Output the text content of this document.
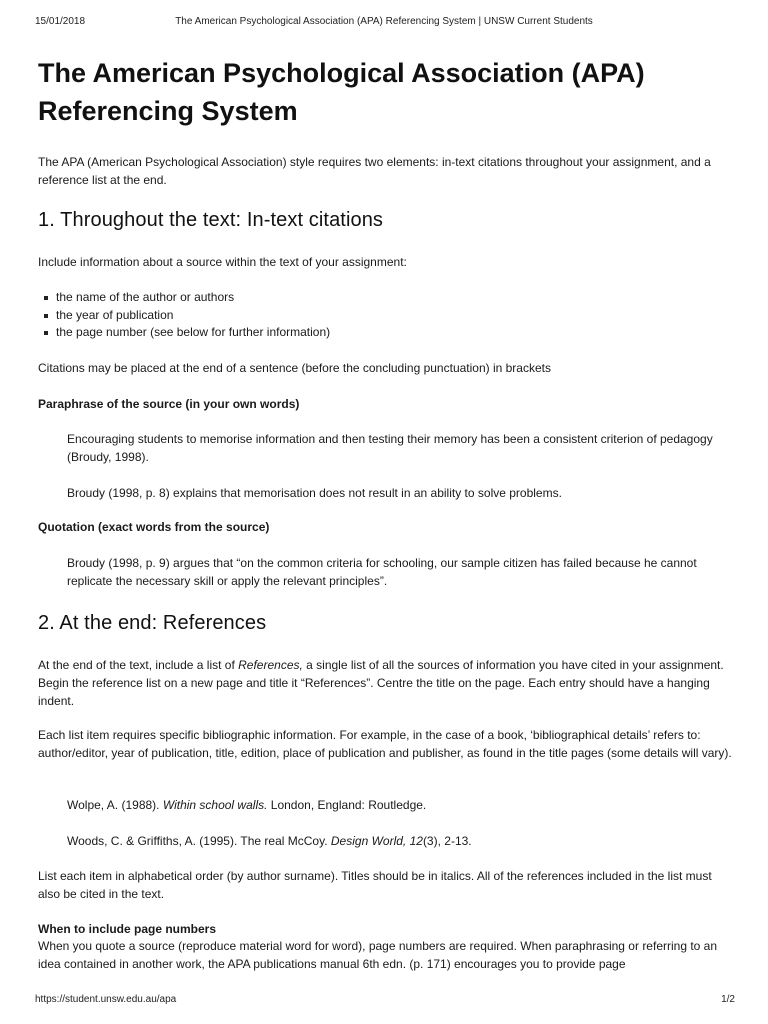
15/01/2018	The American Psychological Association (APA) Referencing System | UNSW Current Students
The American Psychological Association (APA)
Referencing System

The APA (American Psychological Association) style requires two elements: in-text citations throughout your assignment, and a reference list at the end.

1. Throughout the text: In-text citations

Include information about a source within the text of your assignment:

the name of the author or authors
the year of publication
the page number (see below for further information)

Citations may be placed at the end of a sentence (before the concluding punctuation) in brackets

Paraphrase of the source (in your own words)

Encouraging students to memorise information and then testing their memory has been a consistent criterion of pedagogy (Broudy, 1998).

Broudy (1998, p. 8) explains that memorisation does not result in an ability to solve problems.

Quotation (exact words from the source)

Broudy (1998, p. 9) argues that “on the common criteria for schooling, our sample citizen has failed because he cannot replicate the necessary skill or apply the relevant principles”.

2. At the end: References

At the end of the text, include a list of References, a single list of all the sources of information you have cited in your assignment. Begin the reference list on a new page and title it “References”. Centre the title on the page. Each entry should have a hanging indent.

Each list item requires specific bibliographic information. For example, in the case of a book, ‘bibliographical details’ refers to: author/editor, year of publication, title, edition, place of publication and publisher, as found in the title pages (some details will vary).

Wolpe, A. (1988). Within school walls. London, England: Routledge.

Woods, C. & Griffiths, A. (1995). The real McCoy. Design World, 12(3), 2-13.

List each item in alphabetical order (by author surname). Titles should be in italics. All of the references included in the list must also be cited in the text.

When to include page numbers

When you quote a source (reproduce material word for word), page numbers are required. When paraphrasing or referring to an idea contained in another work, the APA publications manual 6th edn. (p. 171) encourages you to provide page

https://student.unsw.edu.au/apa	1/2
